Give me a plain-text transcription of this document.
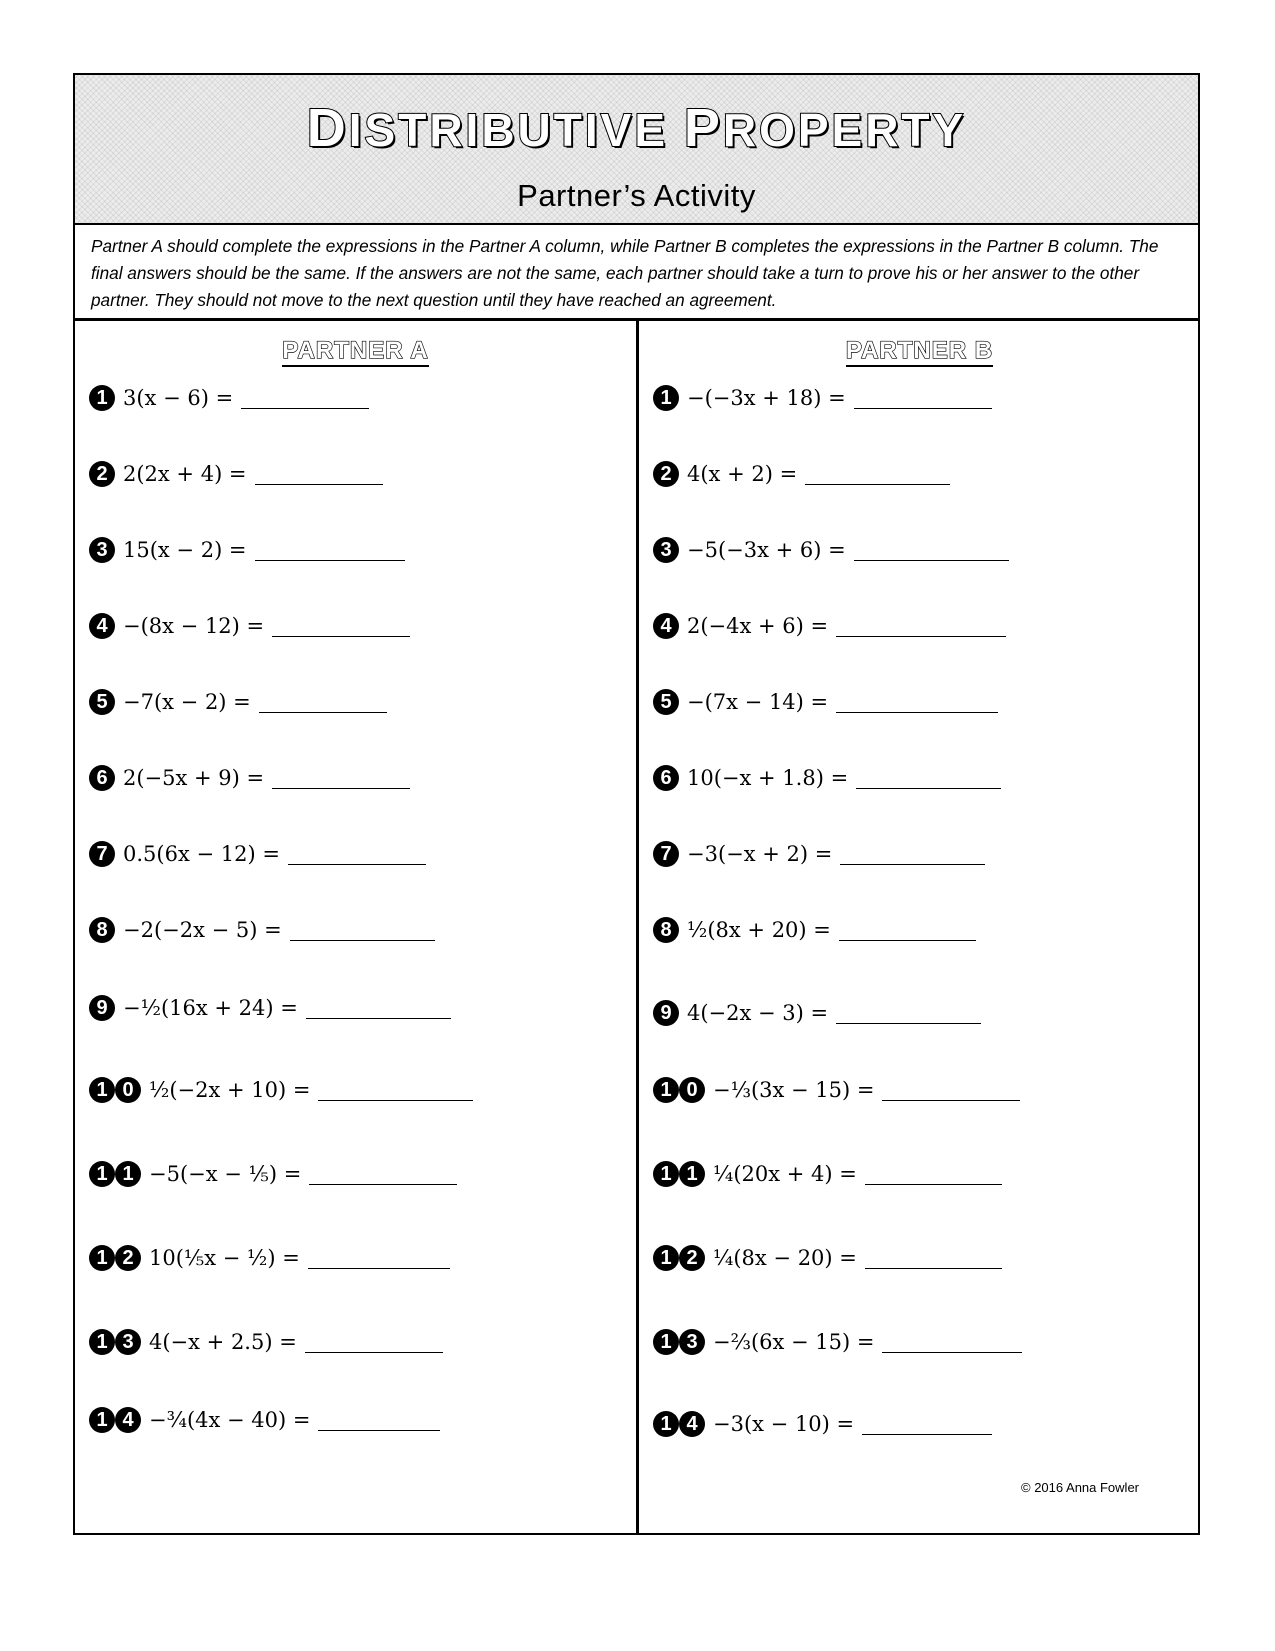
DISTRIBUTIVE PROPERTY
Partner’s Activity
Partner A should complete the expressions in the Partner A column, while Partner B completes the expressions in the Partner B column. The final answers should be the same. If the answers are not the same, each partner should take a turn to prove his or her answer to the other partner. They should not move to the next question until they have reached an agreement.
PARTNER A
1 3(x − 6) =
2 2(2x + 4) =
3 15(x − 2) =
4 −(8x − 12) =
5 −7(x − 2) =
6 2(−5x + 9) =
7 0.5(6x − 12) =
8 −2(−2x − 5) =
9 −½(16x + 24) =
1 0 ½(−2x + 10) =
1 1 −5(−x − ⅕) =
1 2 10(⅕x − ½) =
1 3 4(−x + 2.5) =
1 4 −¾(4x − 40) =
PARTNER B
1 −(−3x + 18) =
2 4(x + 2) =
3 −5(−3x + 6) =
4 2(−4x + 6) =
5 −(7x − 14) =
6 10(−x + 1.8) =
7 −3(−x + 2) =
8 ½(8x + 20) =
9 4(−2x − 3) =
1 0 −⅓(3x − 15) =
1 1 ¼(20x + 4) =
1 2 ¼(8x − 20) =
1 3 −⅔(6x − 15) =
1 4 −3(x − 10) =
© 2016 Anna Fowler
